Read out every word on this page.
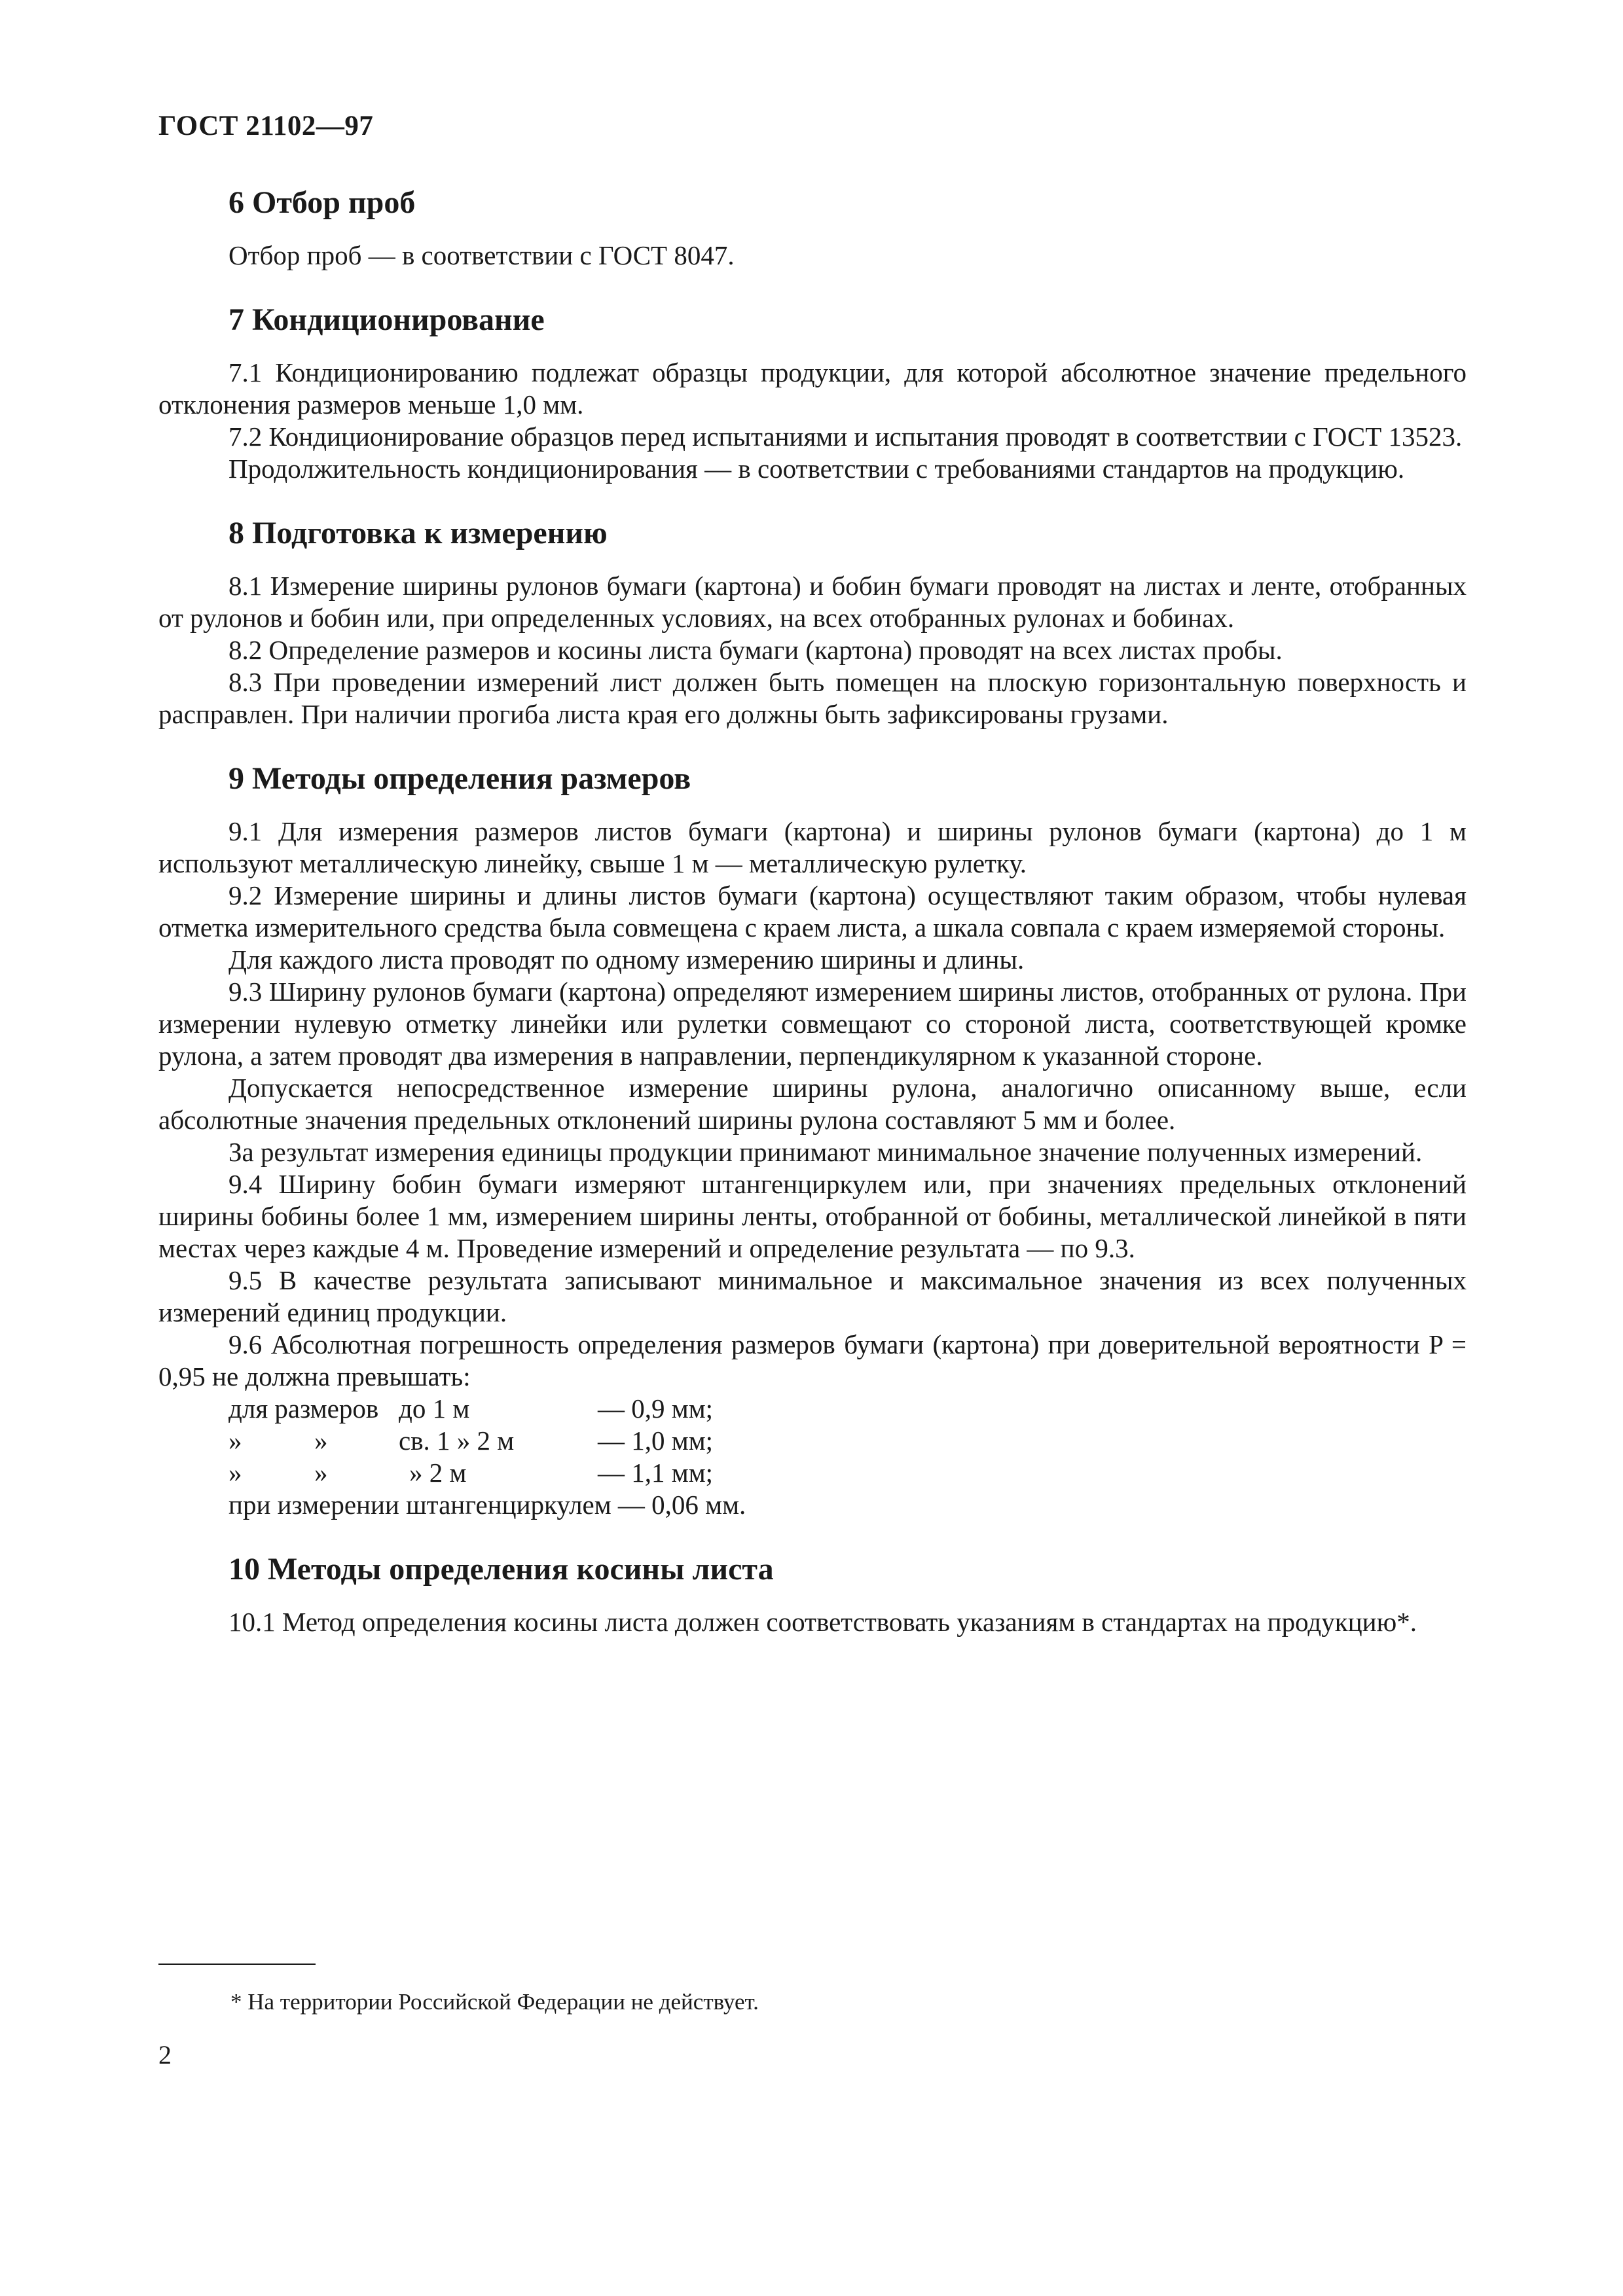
ГОСТ 21102—97
6 Отбор проб

Отбор проб — в соответствии с ГОСТ 8047.

7 Кондиционирование

7.1 Кондиционированию подлежат образцы продукции, для которой абсолютное значение предельного отклонения размеров меньше 1,0 мм.

7.2 Кондиционирование образцов перед испытаниями и испытания проводят в соответствии с ГОСТ 13523.

Продолжительность кондиционирования — в соответствии с требованиями стандартов на продукцию.

8 Подготовка к измерению

8.1 Измерение ширины рулонов бумаги (картона) и бобин бумаги проводят на листах и ленте, отобранных от рулонов и бобин или, при определенных условиях, на всех отобранных рулонах и бобинах.

8.2 Определение размеров и косины листа бумаги (картона) проводят на всех листах пробы.

8.3 При проведении измерений лист должен быть помещен на плоскую горизонтальную поверхность и расправлен. При наличии прогиба листа края его должны быть зафиксированы грузами.

9 Методы определения размеров

9.1 Для измерения размеров листов бумаги (картона) и ширины рулонов бумаги (картона) до 1 м используют металлическую линейку, свыше 1 м — металлическую рулетку.

9.2 Измерение ширины и длины листов бумаги (картона) осуществляют таким образом, чтобы нулевая отметка измерительного средства была совмещена с краем листа, а шкала совпала с краем измеряемой стороны.

Для каждого листа проводят по одному измерению ширины и длины.

9.3 Ширину рулонов бумаги (картона) определяют измерением ширины листов, отобранных от рулона. При измерении нулевую отметку линейки или рулетки совмещают со стороной листа, соответствующей кромке рулона, а затем проводят два измерения в направлении, перпендикулярном к указанной стороне.

Допускается непосредственное измерение ширины рулона, аналогично описанному выше, если абсолютные значения предельных отклонений ширины рулона составляют 5 мм и более.

За результат измерения единицы продукции принимают минимальное значение полученных измерений.

9.4 Ширину бобин бумаги измеряют штангенциркулем или, при значениях предельных отклонений ширины бобины более 1 мм, измерением ширины ленты, отобранной от бобины, металлической линейкой в пяти местах через каждые 4 м. Проведение измерений и определение результата — по 9.3.

9.5 В качестве результата записывают минимальное и максимальное значения из всех полученных измерений единиц продукции.

9.6 Абсолютная погрешность определения размеров бумаги (картона) при доверительной вероятности P = 0,95 не должна превышать:

для размеров	до 1 м	— 0,9 мм;
» »	св. 1 » 2 м	— 1,0 мм;
» »	» 2 м	— 1,1 мм;
при измерении штангенциркулем — 0,06 мм.
10 Методы определения косины листа

10.1 Метод определения косины листа должен соответствовать указаниям в стандартах на продукцию*.

* На территории Российской Федерации не действует.
2
